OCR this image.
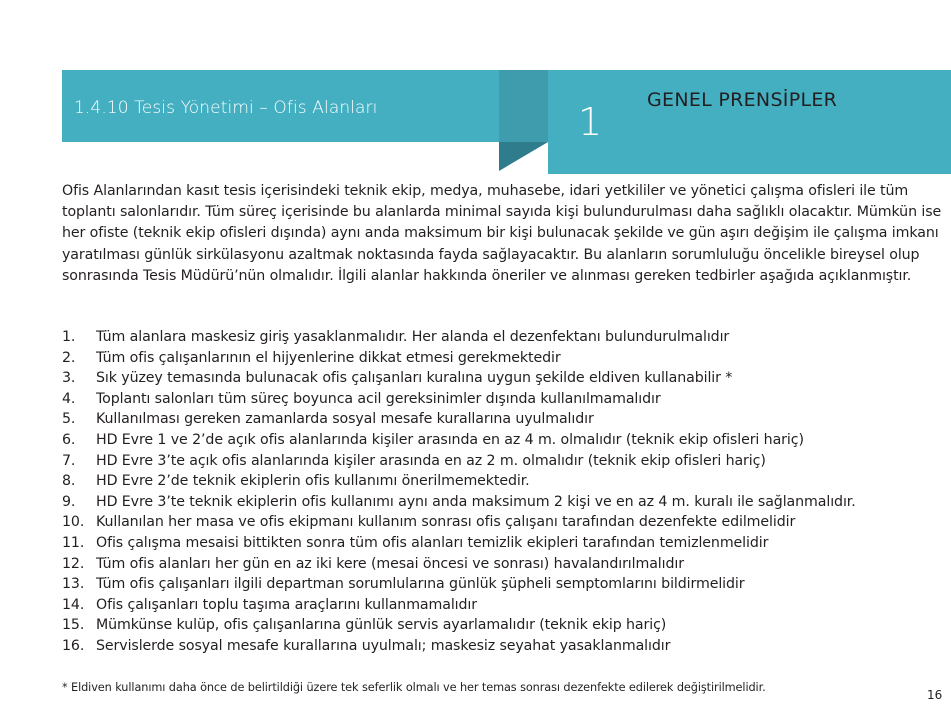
1.4.10 Tesis Yönetimi – Ofis Alanları	1 GENEL PRENSİPLER

Ofis Alanlarından kasıt tesis içerisindeki teknik ekip, medya, muhasebe, idari yetkililer ve yönetici çalışma ofisleri ile tüm toplantı salonlarıdır. Tüm süreç içerisinde bu alanlarda minimal sayıda kişi bulundurulması daha sağlıklı olacaktır. Mümkün ise her ofiste (teknik ekip ofisleri dışında) aynı anda maksimum bir kişi bulunacak şekilde ve gün aşırı değişim ile çalışma imkanı yaratılması günlük sirkülasyonu azaltmak noktasında fayda sağlayacaktır. Bu alanların sorumluluğu öncelikle bireysel olup sonrasında Tesis Müdürü’nün olmalıdır. İlgili alanlar hakkında öneriler ve alınması gereken tedbirler aşağıda açıklanmıştır.

1.	Tüm alanlara maskesiz giriş yasaklanmalıdır. Her alanda el dezenfektanı bulundurulmalıdır
2.	Tüm ofis çalışanlarının el hijyenlerine dikkat etmesi gerekmektedir
3.	Sık yüzey temasında bulunacak ofis çalışanları kuralına uygun şekilde eldiven kullanabilir *
4.	Toplantı salonları tüm süreç boyunca acil gereksinimler dışında kullanılmamalıdır
5.	Kullanılması gereken zamanlarda sosyal mesafe kurallarına uyulmalıdır
6.	HD Evre 1 ve 2’de açık ofis alanlarında kişiler arasında en az 4 m. olmalıdır (teknik ekip ofisleri hariç)
7.	HD Evre 3’te açık ofis alanlarında kişiler arasında en az 2 m. olmalıdır (teknik ekip ofisleri hariç)
8.	HD Evre 2’de teknik ekiplerin ofis kullanımı önerilmemektedir.
9.	HD Evre 3’te teknik ekiplerin ofis kullanımı aynı anda maksimum 2 kişi ve en az 4 m. kuralı ile sağlanmalıdır.
10. Kullanılan her masa ve ofis ekipmanı kullanım sonrası ofis çalışanı tarafından dezenfekte edilmelidir
11. Ofis çalışma mesaisi bittikten sonra tüm ofis alanları temizlik ekipleri tarafından temizlenmelidir
12. Tüm ofis alanları her gün en az iki kere (mesai öncesi ve sonrası) havalandırılmalıdır
13. Tüm ofis çalışanları ilgili departman sorumlularına günlük şüpheli semptomlarını bildirmelidir
14. Ofis çalışanları toplu taşıma araçlarını kullanmamalıdır
15. Mümkünse kulüp, ofis çalışanlarına günlük servis ayarlamalıdır (teknik ekip hariç)
16. Servislerde sosyal mesafe kurallarına uyulmalı; maskesiz seyahat yasaklanmalıdır
* Eldiven kullanımı daha önce de belirtildiği üzere tek seferlik olmalı ve her temas sonrası dezenfekte edilerek değiştirilmelidir.
16
